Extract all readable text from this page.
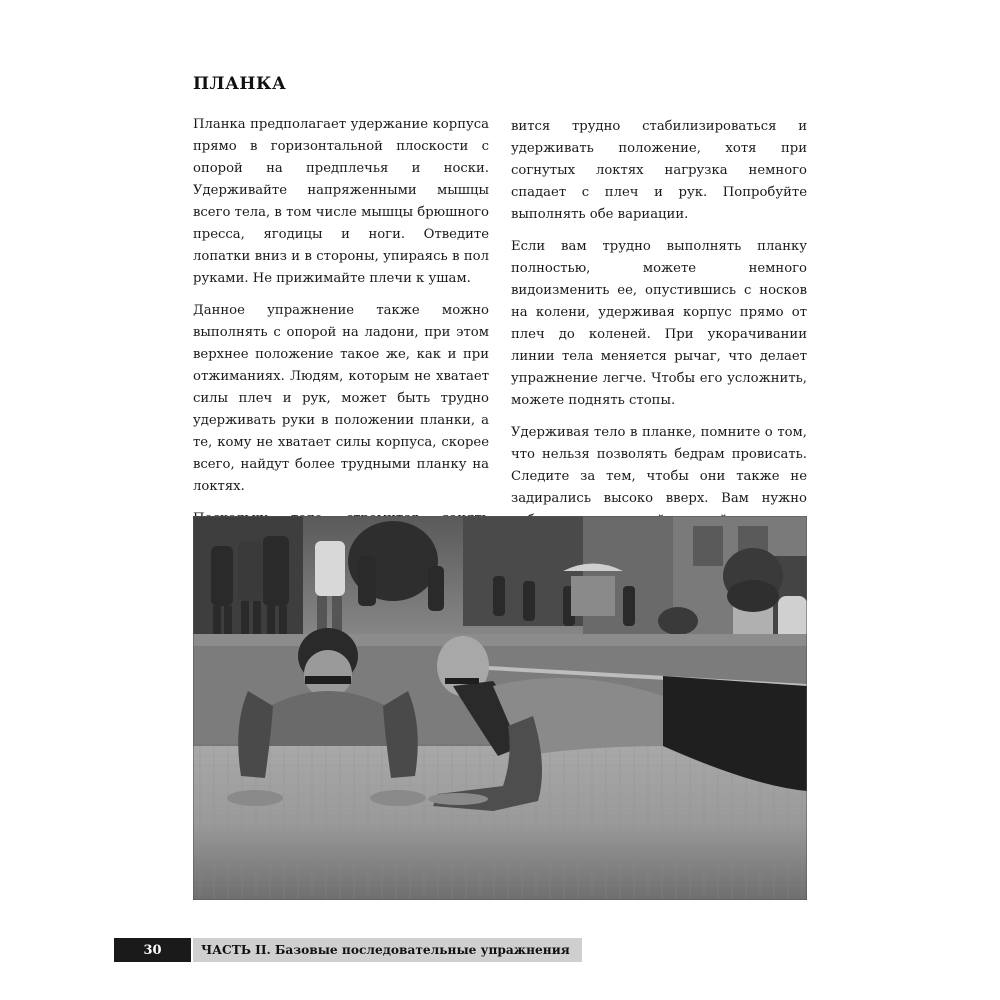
ПЛАНКА

Планка предполагает удержание корпуса прямо в горизонтальной плоскости с опорой на предплечья и носки. Удерживайте напряженными мышцы всего тела, в том числе мышцы брюшного пресса, ягодицы и ноги. Отведите лопатки вниз и в стороны, упираясь в пол руками. Не прижимайте плечи к ушам.

Данное упражнение также можно выполнять с опорой на ладони, при этом верхнее положение такое же, как и при отжиманиях. Людям, которым не хватает силы плеч и рук, может быть трудно удерживать руки в положении планки, а те, кому не хватает силы корпуса, скорее всего, найдут более трудными планку на локтях.

вится трудно стабилизироваться и удерживать положение, хотя при согнутых локтях нагрузка немного спадает с плеч и рук. Попробуйте выполнять обе вариации.

Если вам трудно выполнять планку полностью, можете немного видоизменить ее, опустившись с носков на колени, удерживая корпус прямо от плеч до коленей. При укорачивании линии тела меняется рычаг, что делает упражнение легче. Чтобы его усложнить, можете поднять стопы.

Удерживая тело в планке, помните о том, что нельзя позволять бедрам провисать. Следите за тем, чтобы они также не задирались высоко вверх. Вам нужно

30	ЧАСТЬ II. Базовые последовательные упражнения
